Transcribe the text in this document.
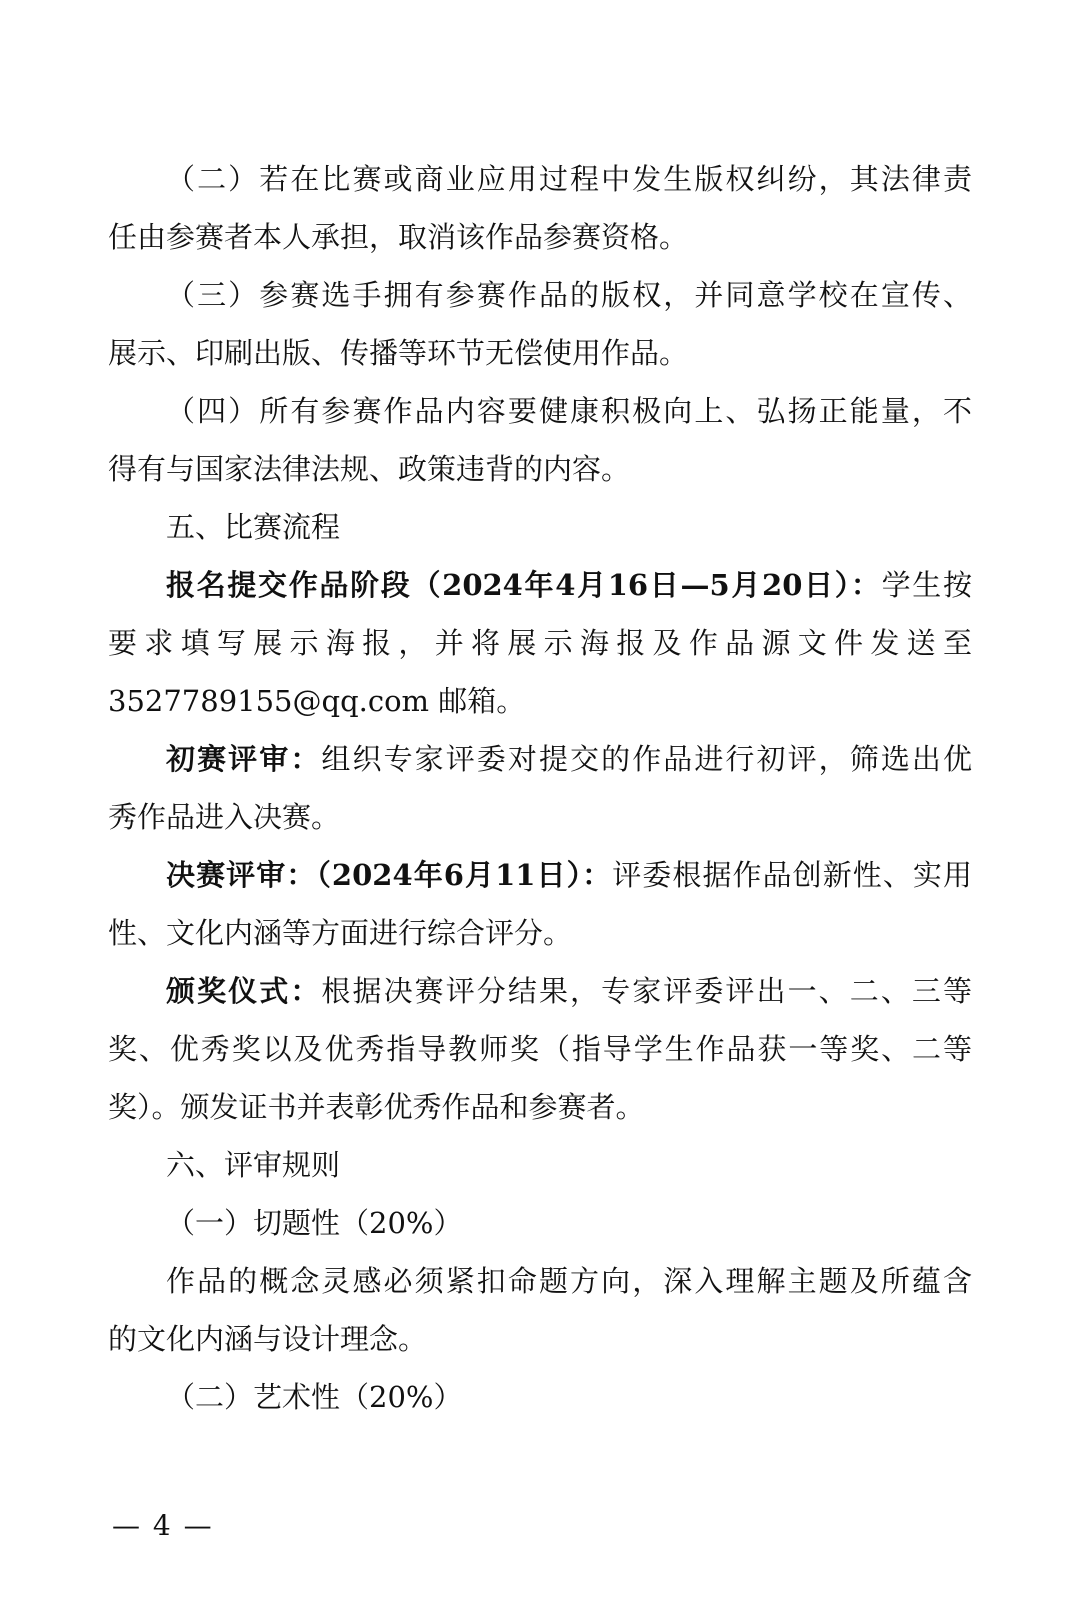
（二）若在比赛或商业应用过程中发生版权纠纷，其法律责
任由参赛者本人承担，取消该作品参赛资格。
（三）参赛选手拥有参赛作品的版权，并同意学校在宣传、
展示、印刷出版、传播等环节无偿使用作品。
（四）所有参赛作品内容要健康积极向上、弘扬正能量，不
得有与国家法律法规、政策违背的内容。
五、比赛流程
报名提交作品阶段（2024年4月16日—5月20日）：学生按
要求填写展示海报，并将展示海报及作品源文件发送至
3527789155@qq.com 邮箱。
初赛评审：组织专家评委对提交的作品进行初评，筛选出优
秀作品进入决赛。
决赛评审：（2024年6月11日）：评委根据作品创新性、实用
性、文化内涵等方面进行综合评分。
颁奖仪式：根据决赛评分结果，专家评委评出一、二、三等
奖、优秀奖以及优秀指导教师奖（指导学生作品获一等奖、二等
奖）。颁发证书并表彰优秀作品和参赛者。
六、评审规则
（一）切题性（20%）
作品的概念灵感必须紧扣命题方向，深入理解主题及所蕴含
的文化内涵与设计理念。
（二）艺术性（20%）
— 4 —
